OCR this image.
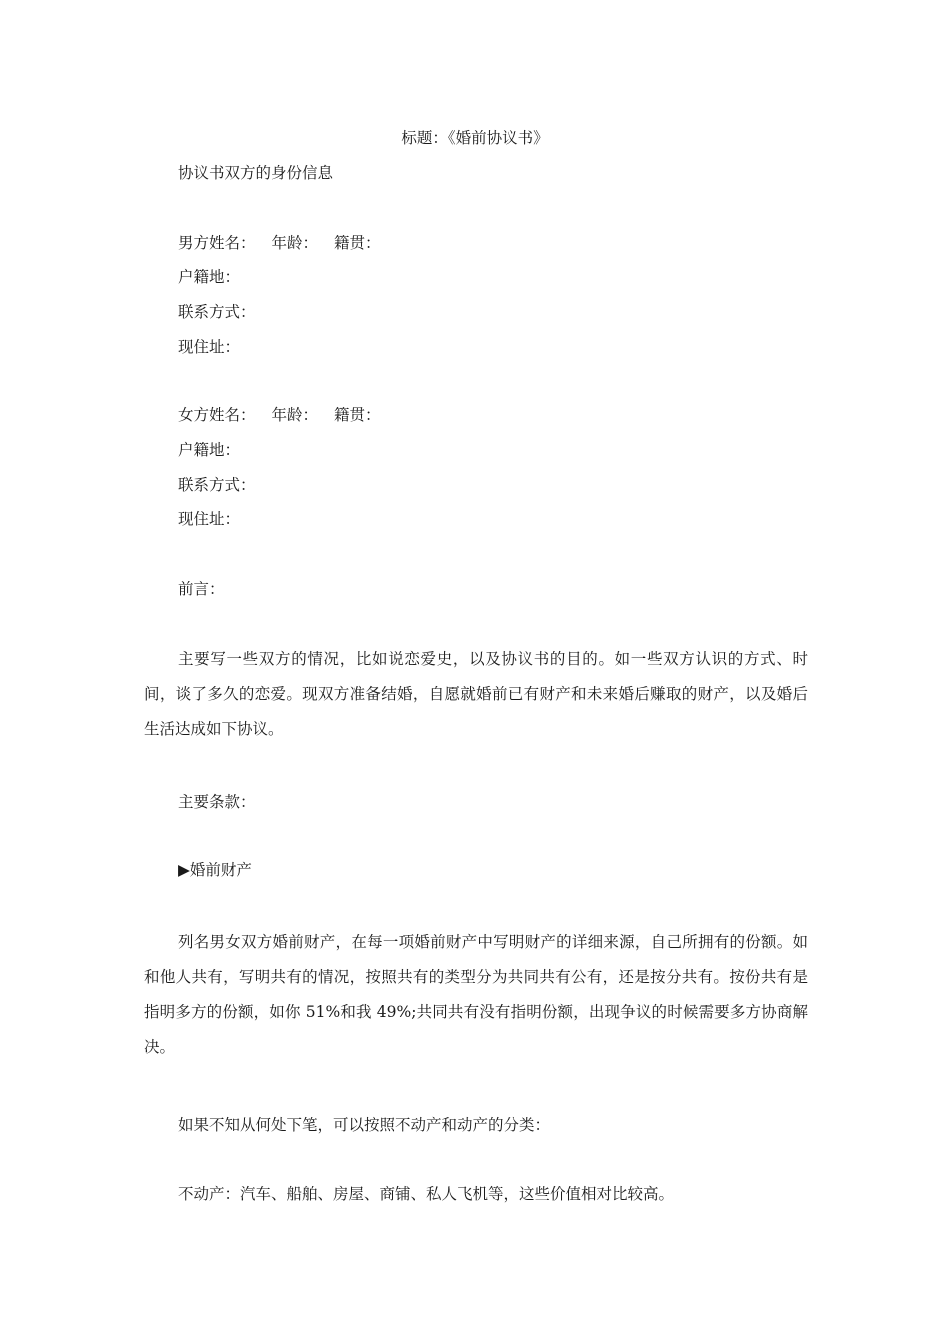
标题：《婚前协议书》
协议书双方的身份信息
男方姓名： 年龄： 籍贯：
户籍地：
联系方式：
现住址：
女方姓名： 年龄： 籍贯：
户籍地：
联系方式：
现住址：
前言：
主要写一些双方的情况，比如说恋爱史，以及协议书的目的。如一些双方认识的方式、时间，谈了多久的恋爱。现双方准备结婚，自愿就婚前已有财产和未来婚后赚取的财产，以及婚后生活达成如下协议。
主要条款：
▶婚前财产
列名男女双方婚前财产，在每一项婚前财产中写明财产的详细来源，自己所拥有的份额。如和他人共有，写明共有的情况，按照共有的类型分为共同共有公有，还是按分共有。按份共有是指明多方的份额，如你 51%和我 49%;共同共有没有指明份额，出现争议的时候需要多方协商解决。
如果不知从何处下笔，可以按照不动产和动产的分类：
不动产：汽车、船舶、房屋、商铺、私人飞机等，这些价值相对比较高。
